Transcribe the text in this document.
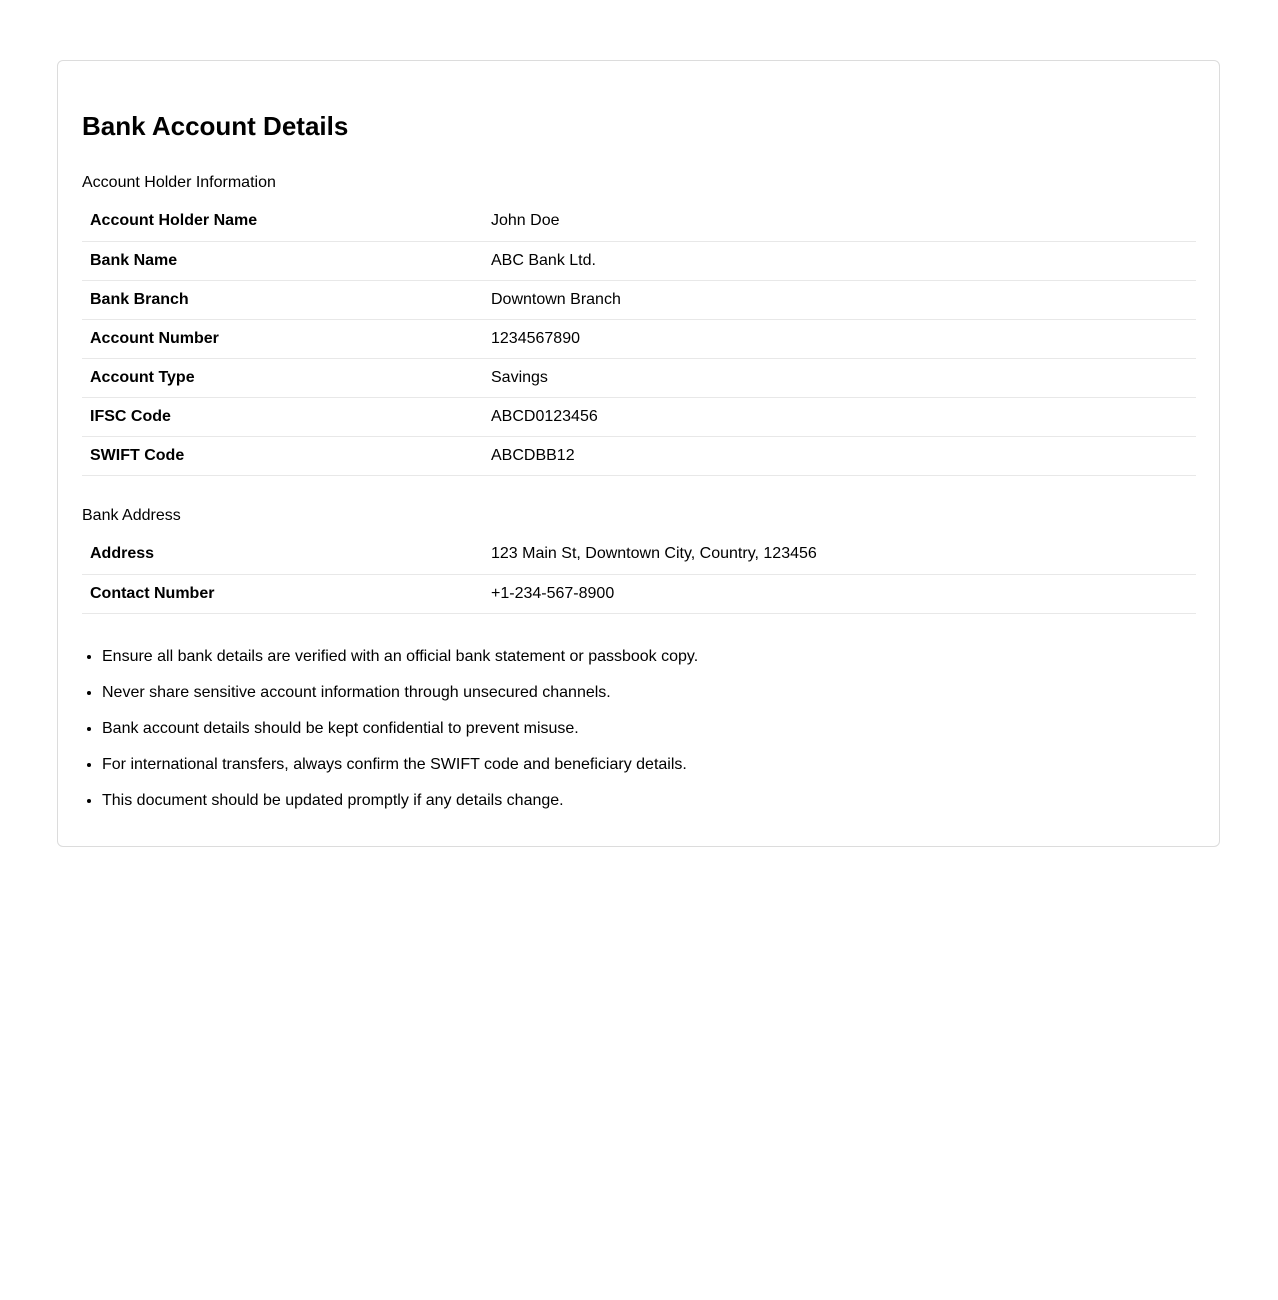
Bank Account Details
Account Holder Information
Account Holder Name	John Doe
Bank Name	ABC Bank Ltd.
Bank Branch	Downtown Branch
Account Number	1234567890
Account Type	Savings
IFSC Code	ABCD0123456
SWIFT Code	ABCDBB12
Bank Address
Address	123 Main St, Downtown City, Country, 123456
Contact Number	+1-234-567-8900
• Ensure all bank details are verified with an official bank statement or passbook copy.
• Never share sensitive account information through unsecured channels.
• Bank account details should be kept confidential to prevent misuse.
• For international transfers, always confirm the SWIFT code and beneficiary details.
• This document should be updated promptly if any details change.
